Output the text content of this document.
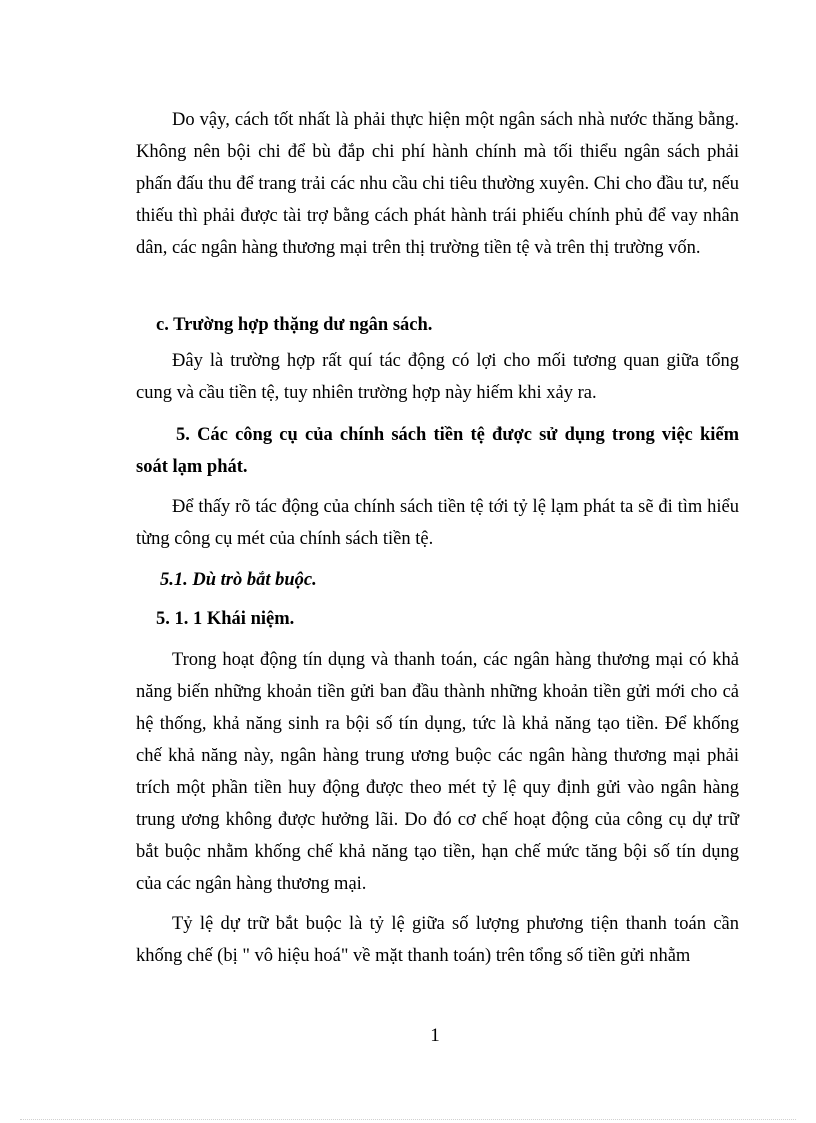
Do vậy, cách tốt nhất là phải thực hiện một ngân sách nhà nước thăng bằng. Không nên bội chi để bù đắp chi phí hành chính mà tối thiểu ngân sách phải phấn đấu thu để trang trải các nhu cầu chi tiêu thường xuyên. Chi cho đầu tư, nếu thiếu thì phải được tài trợ bằng cách phát hành trái phiếu chính phủ để vay nhân dân, các ngân hàng thương mại trên thị trường tiền tệ và trên thị trường vốn.

c. Trường hợp thặng dư ngân sách.

Đây là trường hợp rất quí tác động có lợi cho mối tương quan giữa tổng cung và cầu tiền tệ, tuy nhiên trường hợp này hiếm khi xảy ra.

5. Các công cụ của chính sách tiền tệ được sử dụng trong việc kiểm soát lạm phát.

Để thấy rõ tác động của chính sách tiền tệ tới tỷ lệ lạm phát ta sẽ đi tìm hiểu từng công cụ mét của chính sách tiền tệ.

5.1. Dù trò bắt buộc.

5. 1. 1 Khái niệm.

Trong hoạt động tín dụng và thanh toán, các ngân hàng thương mại có khả năng biến những khoản tiền gửi ban đầu thành những khoản tiền gửi mới cho cả hệ thống, khả năng sinh ra bội số tín dụng, tức là khả năng tạo tiền. Để khống chế khả năng này, ngân hàng trung ương buộc các ngân hàng thương mại phải trích một phần tiền huy động được theo mét tỷ lệ quy định gửi vào ngân hàng trung ương không được hưởng lãi. Do đó cơ chế hoạt động của công cụ dự trữ bắt buộc nhằm khống chế khả năng tạo tiền, hạn chế mức tăng bội số tín dụng của các ngân hàng thương mại.

Tỷ lệ dự trữ bắt buộc là tỷ lệ giữa số lượng phương tiện thanh toán cần khống chế (bị " vô hiệu hoá" về mặt thanh toán) trên tổng số tiền gửi nhằm

1
